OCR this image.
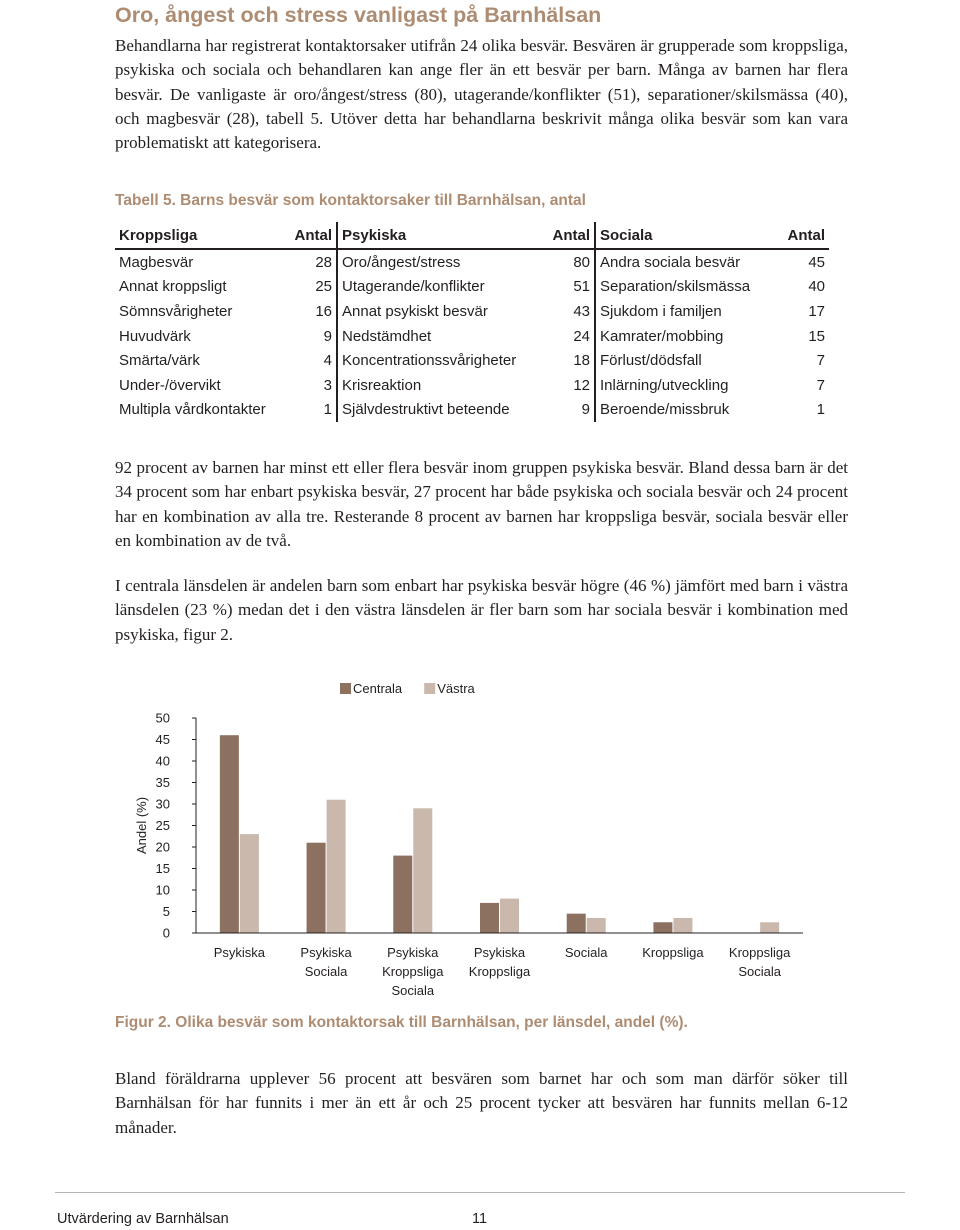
Oro, ångest och stress vanligast på Barnhälsan

Behandlarna har registrerat kontaktorsaker utifrån 24 olika besvär. Besvären är grupperade som kroppsliga, psykiska och sociala och behandlaren kan ange fler än ett besvär per barn. Många av barnen har flera besvär. De vanligaste är oro/ångest/stress (80), utagerande/konflikter (51), separationer/skilsmässa (40), och magbesvär (28), tabell 5. Utöver detta har behandlarna beskrivit många olika besvär som kan vara problematiskt att kategorisera.

Tabell 5. Barns besvär som kontaktorsaker till Barnhälsan, antal

Kroppsliga	Antal	Psykiska	Antal	Sociala	Antal
Magbesvär	28	Oro/ångest/stress	80	Andra sociala besvär	45
Annat kroppsligt	25	Utagerande/konflikter	51	Separation/skilsmässa	40
Sömnsvårigheter	16	Annat psykiskt besvär	43	Sjukdom i familjen	17
Huvudvärk	9	Nedstämdhet	24	Kamrater/mobbing	15
Smärta/värk	4	Koncentrationssvårigheter	18	Förlust/dödsfall	7
Under-/övervikt	3	Krisreaktion	12	Inlärning/utveckling	7
Multipla vårdkontakter	1	Självdestruktivt beteende	9	Beroende/missbruk	1

92 procent av barnen har minst ett eller flera besvär inom gruppen psykiska besvär. Bland dessa barn är det 34 procent som har enbart psykiska besvär, 27 procent har både psykiska och sociala besvär och 24 procent har en kombination av alla tre. Resterande 8 procent av barnen har kroppsliga besvär, sociala besvär eller en kombination av de två.

I centrala länsdelen är andelen barn som enbart har psykiska besvär högre (46 %) jämfört med barn i västra länsdelen (23 %) medan det i den västra länsdelen är fler barn som har sociala besvär i kombination med psykiska, figur 2.

Centrala	Västra
0
5
10
15
20
25
30
35
40
45
50
Andel (%)
Psykiska	Psykiska
Sociala
Psykiska
Kroppsliga
Sociala
Psykiska
Kroppsliga
Sociala	Kroppsliga Kroppsliga
Sociala

Figur 2. Olika besvär som kontaktorsak till Barnhälsan, per länsdel, andel (%).

Bland föräldrarna upplever 56 procent att besvären som barnet har och som man därför söker till Barnhälsan för har funnits i mer än ett år och 25 procent tycker att besvären har funnits mellan 6-12 månader.

Utvärdering av Barnhälsan	11
